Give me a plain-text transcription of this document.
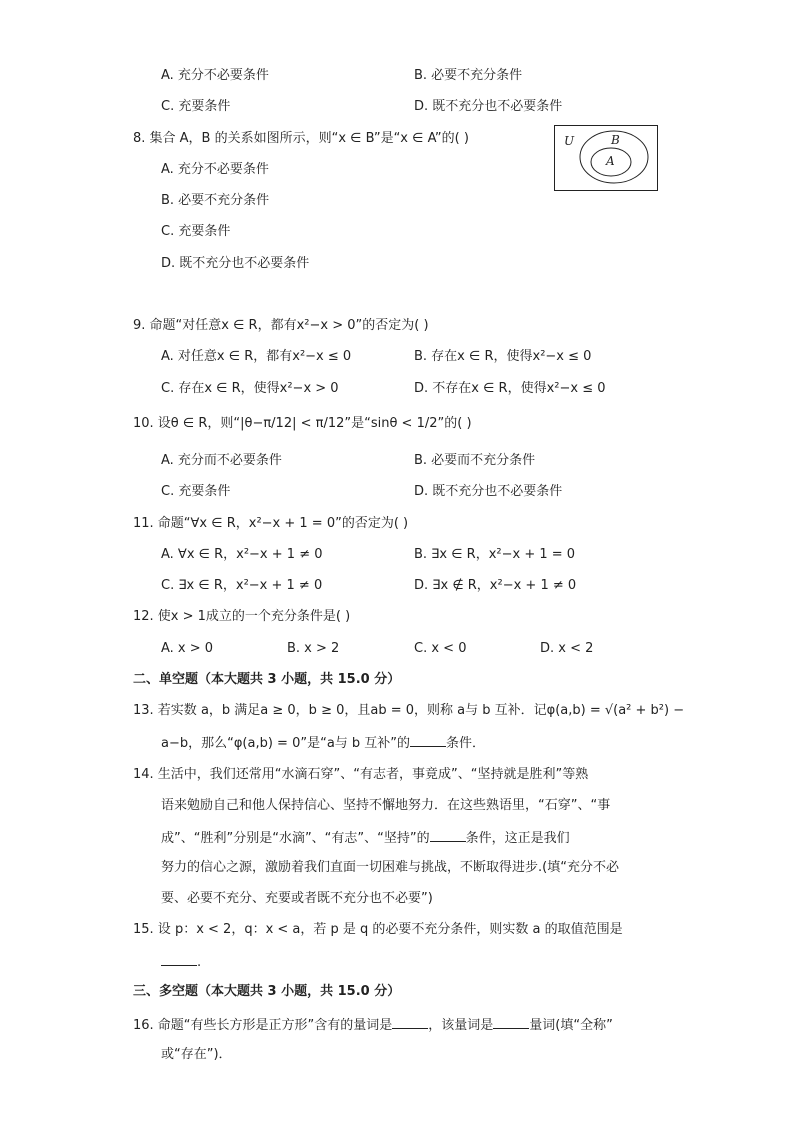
A. 充分不必要条件	B. 必要不充分条件
C. 充要条件	D. 既不充分也不必要条件
8. 集合 A，B 的关系如图所示，则“x ∈ B”是“x ∈ A”的( )
A. 充分不必要条件
B. 必要不充分条件
C. 充要条件
D. 既不充分也不必要条件
U	B
A
9. 命题“对任意x ∈ R，都有x²−x > 0”的否定为( )
A. 对任意x ∈ R，都有x²−x ≤ 0	B. 存在x ∈ R，使得x²−x ≤ 0
C. 存在x ∈ R，使得x²−x > 0	D. 不存在x ∈ R，使得x²−x ≤ 0
10. 设θ ∈ R，则“|θ−π/12| < π/12”是“sinθ < 1/2”的( )
A. 充分而不必要条件	B. 必要而不充分条件
C. 充要条件	D. 既不充分也不必要条件
11. 命题“∀x ∈ R，x²−x + 1 = 0”的否定为( )
A. ∀x ∈ R，x²−x + 1 ≠ 0	B. ∃x ∈ R，x²−x + 1 = 0
C. ∃x ∈ R，x²−x + 1 ≠ 0	D. ∃x ∉ R，x²−x + 1 ≠ 0
12. 使x > 1成立的一个充分条件是( )
A. x > 0	B. x > 2	C. x < 0	D. x < 2
二、单空题（本大题共 3 小题，共 15.0 分）
13. 若实数 a，b 满足a ≥ 0，b ≥ 0，且ab = 0，则称 a与 b 互补．记φ(a,b) = √(a² + b²) −
a−b，那么“φ(a,b) = 0”是“a与 b 互补”的	条件．
14. 生活中，我们还常用“水滴石穿”、“有志者，事竟成”、“坚持就是胜利”等熟
语来勉励自己和他人保持信心、坚持不懈地努力．在这些熟语里，“石穿”、“事
成”、“胜利”分别是“水滴”、“有志”、“坚持”的	条件，这正是我们
努力的信心之源，激励着我们直面一切困难与挑战，不断取得进步.(填“充分不必
要、必要不充分、充要或者既不充分也不必要”)
15. 设 p：x < 2，q：x < a，若 p 是 q 的必要不充分条件，则实数 a 的取值范围是
.
三、多空题（本大题共 3 小题，共 15.0 分）
16. 命题“有些长方形是正方形”含有的量词是	，该量词是	量词(填“全称”
或“存在”)．
